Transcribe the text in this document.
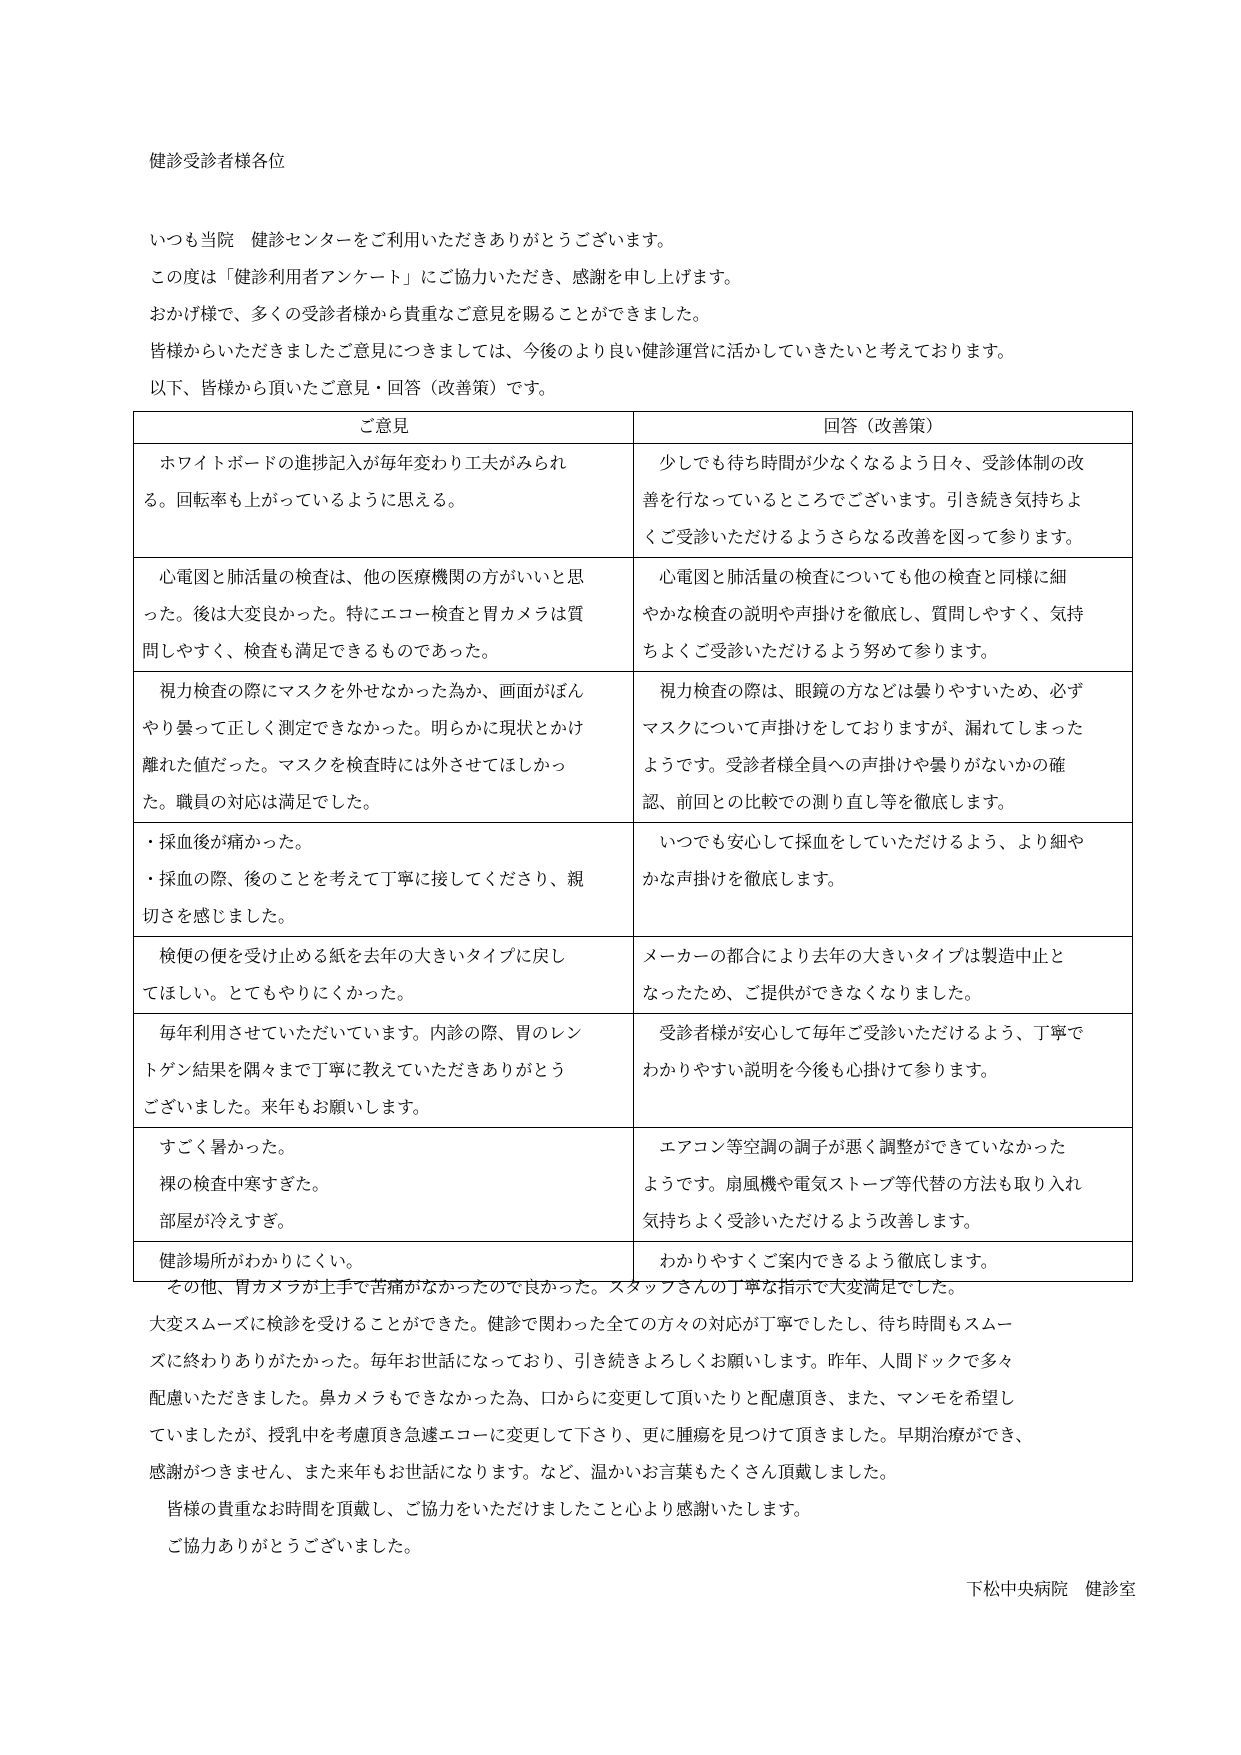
健診受診者様各位
いつも当院　健診センターをご利用いただきありがとうございます。
この度は「健診利用者アンケート」にご協力いただき、感謝を申し上げます。
おかげ様で、多くの受診者様から貴重なご意見を賜ることができました。
皆様からいただきましたご意見につきましては、今後のより良い健診運営に活かしていきたいと考えております。
以下、皆様から頂いたご意見・回答（改善策）です。
ご意見	回答（改善策）

　ホワイトボードの進捗記入が毎年変わり工夫がみられ
る。回転率も上がっているように思える。	　少しでも待ち時間が少なくなるよう日々、受診体制の改
善を行なっているところでございます。引き続き気持ちよ
くご受診いただけるようさらなる改善を図って参ります。

　心電図と肺活量の検査は、他の医療機関の方がいいと思
った。後は大変良かった。特にエコー検査と胃カメラは質
問しやすく、検査も満足できるものであった。	　心電図と肺活量の検査についても他の検査と同様に細
やかな検査の説明や声掛けを徹底し、質問しやすく、気持
ちよくご受診いただけるよう努めて参ります。

　視力検査の際にマスクを外せなかった為か、画面がぼん
やり曇って正しく測定できなかった。明らかに現状とかけ
離れた値だった。マスクを検査時には外させてほしかっ
た。職員の対応は満足でした。	　視力検査の際は、眼鏡の方などは曇りやすいため、必ず
マスクについて声掛けをしておりますが、漏れてしまった
ようです。受診者様全員への声掛けや曇りがないかの確
認、前回との比較での測り直し等を徹底します。

・採血後が痛かった。
・採血の際、後のことを考えて丁寧に接してくださり、親
切さを感じました。	　いつでも安心して採血をしていただけるよう、より細や
かな声掛けを徹底します。

　検便の便を受け止める紙を去年の大きいタイプに戻し
てほしい。とてもやりにくかった。	メーカーの都合により去年の大きいタイプは製造中止と
なったため、ご提供ができなくなりました。

　毎年利用させていただいています。内診の際、胃のレン
トゲン結果を隅々まで丁寧に教えていただきありがとう
ございました。来年もお願いします。	　受診者様が安心して毎年ご受診いただけるよう、丁寧で
わかりやすい説明を今後も心掛けて参ります。

　すごく暑かった。
　裸の検査中寒すぎた。
　部屋が冷えすぎ。	　エアコン等空調の調子が悪く調整ができていなかった
ようです。扇風機や電気ストーブ等代替の方法も取り入れ
気持ちよく受診いただけるよう改善します。

　健診場所がわかりにくい。	　わかりやすくご案内できるよう徹底します。
　その他、胃カメラが上手で苦痛がなかったので良かった。スタッフさんの丁寧な指示で大変満足でした。
大変スムーズに検診を受けることができた。健診で関わった全ての方々の対応が丁寧でしたし、待ち時間もスムー
ズに終わりありがたかった。毎年お世話になっており、引き続きよろしくお願いします。昨年、人間ドックで多々
配慮いただきました。鼻カメラもできなかった為、口からに変更して頂いたりと配慮頂き、また、マンモを希望し
ていましたが、授乳中を考慮頂き急遽エコーに変更して下さり、更に腫瘍を見つけて頂きました。早期治療ができ、
感謝がつきません、また来年もお世話になります。など、温かいお言葉もたくさん頂戴しました。
　皆様の貴重なお時間を頂戴し、ご協力をいただけましたこと心より感謝いたします。
　ご協力ありがとうございました。
下松中央病院　健診室
